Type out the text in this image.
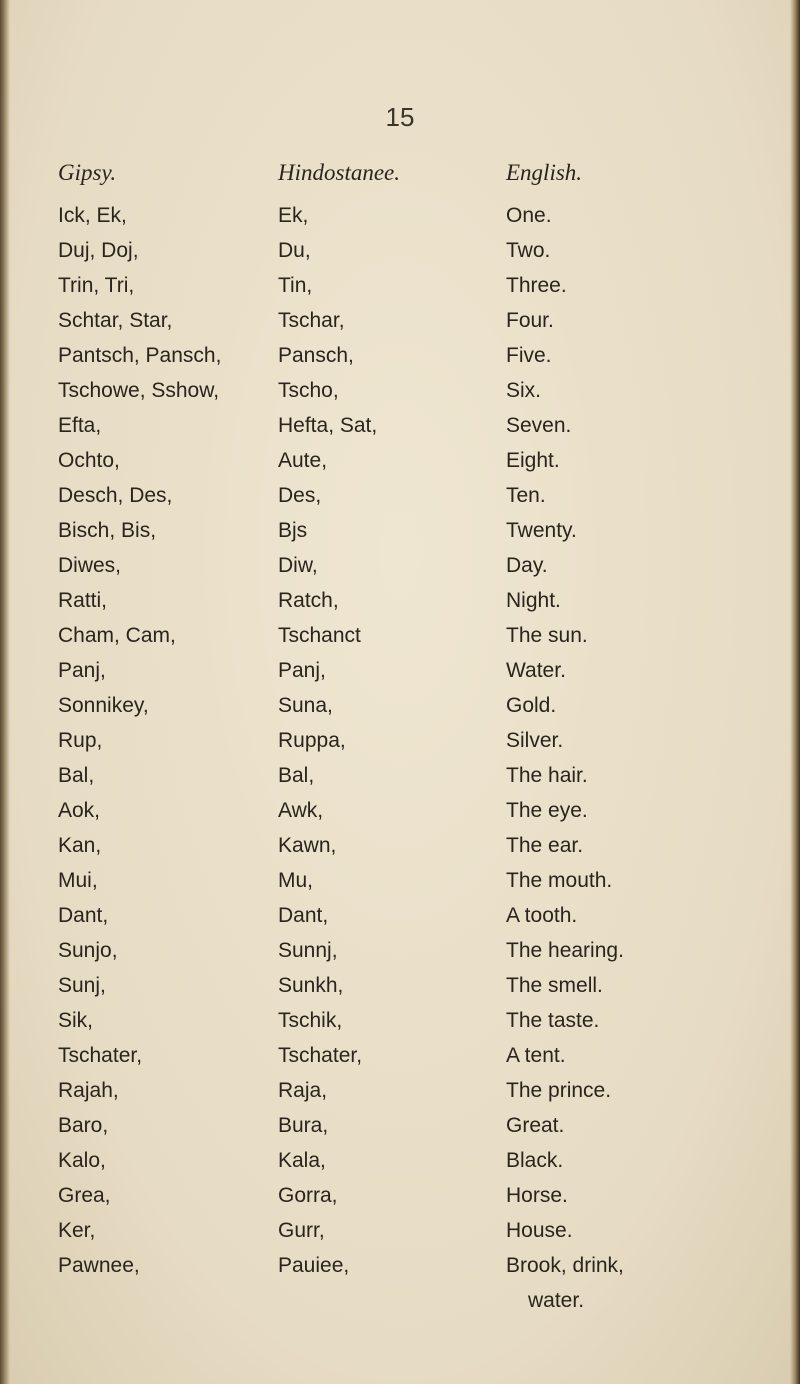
15
Gipsy.	Hindostanee.	English.
Ick, Ek,	Ek,	One.
Duj, Doj,	Du,	Two.
Trin, Tri,	Tin,	Three.
Schtar, Star,	Tschar,	Four.
Pantsch, Pansch,	Pansch,	Five.
Tschowe, Sshow,	Tscho,	Six.
Efta,	Hefta, Sat,	Seven.
Ochto,	Aute,	Eight.
Desch, Des,	Des,	Ten.
Bisch, Bis,	Bjs	Twenty.
Diwes,	Diw,	Day.
Ratti,	Ratch,	Night.
Cham, Cam,	Tschanct	The sun.
Panj,	Panj,	Water.
Sonnikey,	Suna,	Gold.
Rup,	Ruppa,	Silver.
Bal,	Bal,	The hair.
Aok,	Awk,	The eye.
Kan,	Kawn,	The ear.
Mui,	Mu,	The mouth.
Dant,	Dant,	A tooth.
Sunjo,	Sunnj,	The hearing.
Sunj,	Sunkh,	The smell.
Sik,	Tschik,	The taste.
Tschater,	Tschater,	A tent.
Rajah,	Raja,	The prince.
Baro,	Bura,	Great.
Kalo,	Kala,	Black.
Grea,	Gorra,	Horse.
Ker,	Gurr,	House.
Pawnee,	Pauiee,	Brook, drink,
water.
